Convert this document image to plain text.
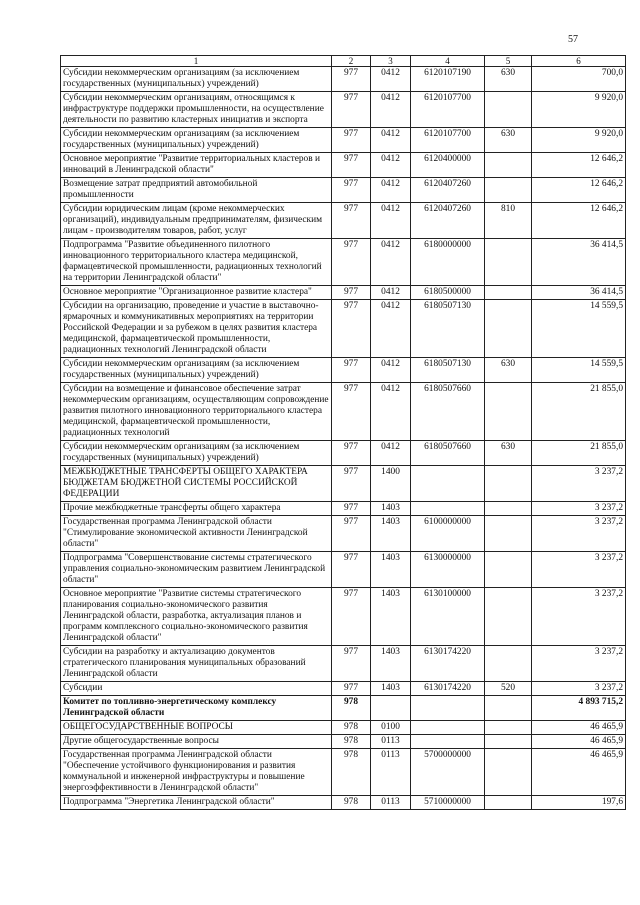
57
1	2	3	4	5	6
Субсидии некоммерческим организациям (за исключением государственных (муниципальных) учреждений)	977	0412	6120107190	630	700,0
Субсидии некоммерческим организациям, относящимся к инфраструктуре поддержки промышленности, на осуществление деятельности по развитию кластерных инициатив и экспорта	977	0412	6120107700		9 920,0
Субсидии некоммерческим организациям (за исключением государственных (муниципальных) учреждений)	977	0412	6120107700	630	9 920,0
Основное мероприятие "Развитие территориальных кластеров и инноваций в Ленинградской области"	977	0412	6120400000		12 646,2
Возмещение затрат предприятий автомобильной промышленности	977	0412	6120407260		12 646,2
Субсидии юридическим лицам (кроме некоммерческих организаций), индивидуальным предпринимателям, физическим лицам - производителям товаров, работ, услуг	977	0412	6120407260	810	12 646,2
Подпрограмма "Развитие объединенного пилотного инновационного территориального кластера медицинской, фармацевтической промышленности, радиационных технологий на территории Ленинградской области"	977	0412	6180000000		36 414,5
Основное мероприятие "Организационное развитие кластера"	977	0412	6180500000		36 414,5
Субсидии на организацию, проведение и участие в выставочно-ярмарочных и коммуникативных мероприятиях на территории Российской Федерации и за рубежом в целях развития кластера медицинской, фармацевтической промышленности, радиационных технологий Ленинградской области	977	0412	6180507130		14 559,5
Субсидии некоммерческим организациям (за исключением государственных (муниципальных) учреждений)	977	0412	6180507130	630	14 559,5
Субсидии на возмещение и финансовое обеспечение затрат некоммерческим организациям, осуществляющим сопровождение развития пилотного инновационного территориального кластера медицинской, фармацевтической промышленности, радиационных технологий	977	0412	6180507660		21 855,0
Субсидии некоммерческим организациям (за исключением государственных (муниципальных) учреждений)	977	0412	6180507660	630	21 855,0
МЕЖБЮДЖЕТНЫЕ ТРАНСФЕРТЫ ОБЩЕГО ХАРАКТЕРА БЮДЖЕТАМ БЮДЖЕТНОЙ СИСТЕМЫ РОССИЙСКОЙ ФЕДЕРАЦИИ	977	1400			3 237,2
Прочие межбюджетные трансферты общего характера	977	1403			3 237,2
Государственная программа Ленинградской области "Стимулирование экономической активности Ленинградской области"	977	1403	6100000000		3 237,2
Подпрограмма "Совершенствование системы стратегического управления социально-экономическим развитием Ленинградской области"	977	1403	6130000000		3 237,2
Основное мероприятие "Развитие системы стратегического планирования социально-экономического развития Ленинградской области, разработка, актуализация планов и программ комплексного социально-экономического развития Ленинградской области"	977	1403	6130100000		3 237,2
Субсидии на разработку и актуализацию документов стратегического планирования муниципальных образований Ленинградской области	977	1403	6130174220		3 237,2
Субсидии	977	1403	6130174220	520	3 237,2
Комитет по топливно-энергетическому комплексу Ленинградской области	978				4 893 715,2
ОБЩЕГОСУДАРСТВЕННЫЕ ВОПРОСЫ	978	0100			46 465,9
Другие общегосударственные вопросы	978	0113			46 465,9
Государственная программа Ленинградской области "Обеспечение устойчивого функционирования и развития коммунальной и инженерной инфраструктуры и повышение энергоэффективности в Ленинградской области"	978	0113	5700000000		46 465,9
Подпрограмма "Энергетика Ленинградской области"	978	0113	5710000000		197,6
